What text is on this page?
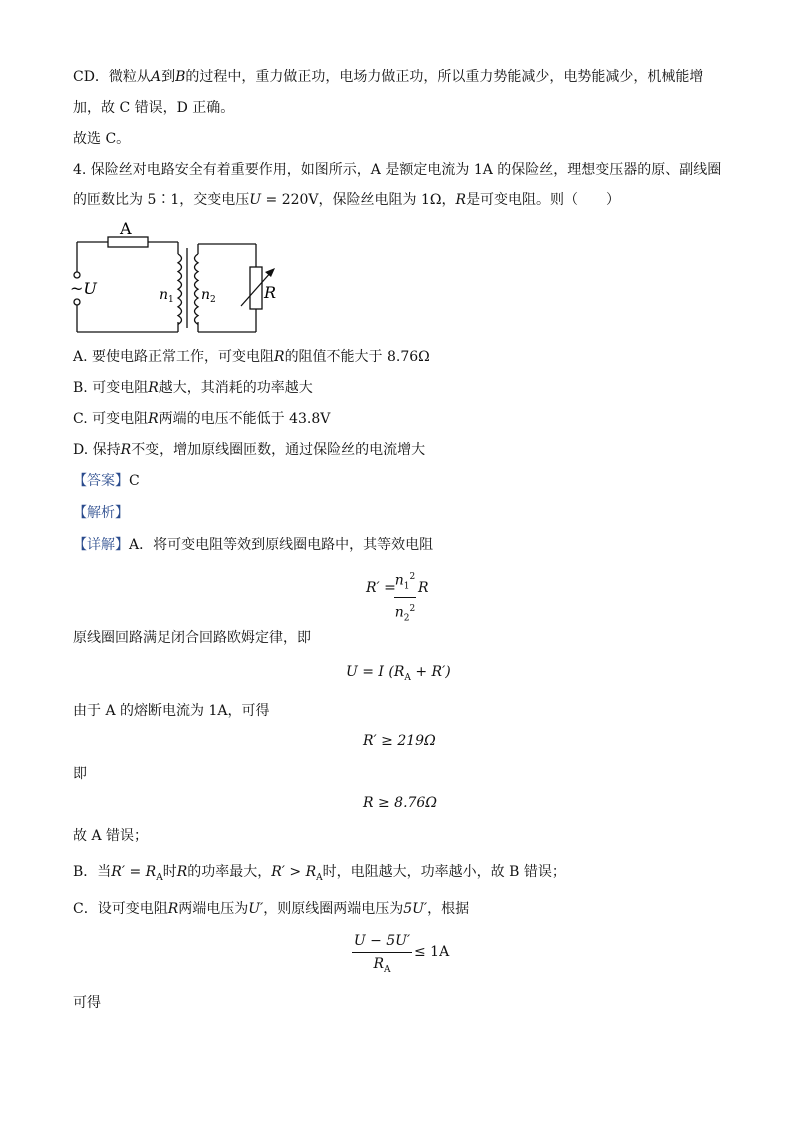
CD．微粒从A到B的过程中，重力做正功，电场力做正功，所以重力势能减少，电势能减少，机械能增
加，故 C 错误，D 正确。
故选 C。
4. 保险丝对电路安全有着重要作用，如图所示，A 是额定电流为 1A 的保险丝，理想变压器的原、副线圈
的匝数比为 5∶1，交变电压U = 220V，保险丝电阻为 1Ω，R是可变电阻。则（　　）
A
~U	$n_1$ $n_2$	R
A. 要使电路正常工作，可变电阻R的阻值不能大于 8.76Ω
B. 可变电阻R越大，其消耗的功率越大
C. 可变电阻R两端的电压不能低于 43.8V
D. 保持R不变，增加原线圈匝数，通过保险丝的电流增大
【答案】C
【解析】
【详解】A．将可变电阻等效到原线圈电路中，其等效电阻
R′ =
$n_1^2$
$n_2^2$
R
原线圈回路满足闭合回路欧姆定律，即
U = I $(R_A + R')$
由于 A 的熔断电流为 1A，可得
R′ ≥ 219Ω
即
R ≥ 8.76Ω
故 A 错误；
B．当$R' = R_A$时R的功率最大，$R' > R_A$时，电阻越大，功率越小，故 B 错误；
C．设可变电阻R两端电压为U′，则原线圈两端电压为5U′，根据
U − 5U′
$R_A$
≤ 1A
可得
